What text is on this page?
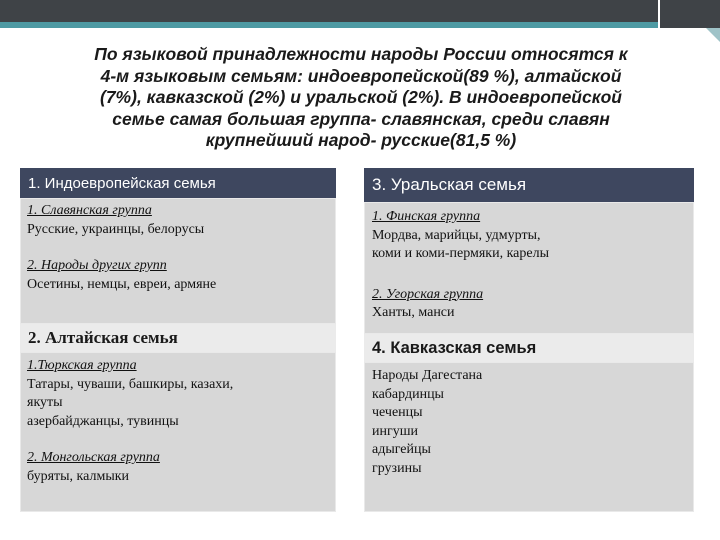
По языковой принадлежности народы России относятся к
4-м языковым семьям: индоевропейской(89 %), алтайской
(7%), кавказской (2%) и уральской (2%). В индоевропейской
семье самая большая группа- славянская, среди славян
крупнейший народ- русские(81,5 %)
1. Индоевропейская семья
1. Славянская группа
Русские, украинцы, белорусы
2. Народы других групп
Осетины, немцы, евреи, армяне
2. Алтайская семья
1.Тюркская группа
Татары, чуваши, башкиры, казахи,
якуты
азербайджанцы, тувинцы
2. Монгольская группа
буряты, калмыки
3. Уральская семья
1. Финская группа
Мордва, марийцы, удмурты,
коми и коми-пермяки, карелы
2. Угорская группа
Ханты, манси
4. Кавказская семья
Народы Дагестана
кабардинцы
чеченцы
ингуши
адыгейцы
грузины
